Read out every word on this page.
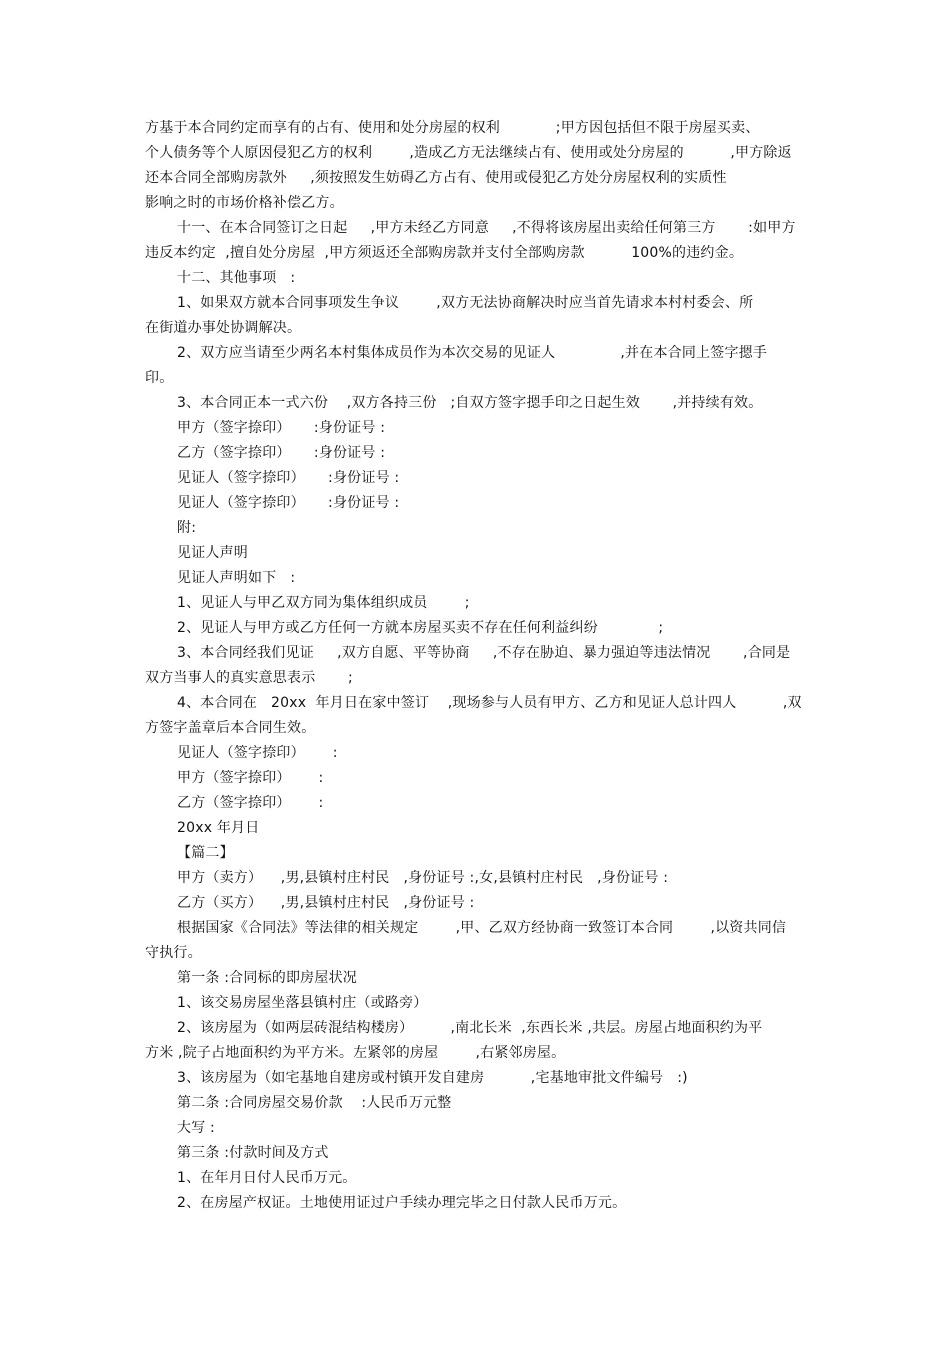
方基于本合同约定而享有的占有、使用和处分房屋的权利            ;甲方因包括但不限于房屋买卖、
个人债务等个人原因侵犯乙方的权利        ,造成乙方无法继续占有、使用或处分房屋的          ,甲方除返
还本合同全部购房款外     ,须按照发生妨碍乙方占有、使用或侵犯乙方处分房屋权利的实质性
影响之时的市场价格补偿乙方。
十一、在本合同签订之日起     ,甲方未经乙方同意     ,不得将该房屋出卖给任何第三方       :如甲方
违反本约定  ,擅自处分房屋  ,甲方须返还全部购房款并支付全部购房款          100%的违约金。
十二、其他事项   :
1、如果双方就本合同事项发生争议        ,双方无法协商解决时应当首先请求本村村委会、所
在街道办事处协调解决。
2、双方应当请至少两名本村集体成员作为本次交易的见证人              ,并在本合同上签字摁手
印。
3、本合同正本一式六份    ,双方各持三份   ;自双方签字摁手印之日起生效       ,并持续有效。
甲方（签字捺印）     :身份证号 :
乙方（签字捺印）     :身份证号 :
见证人（签字捺印）     :身份证号 :
见证人（签字捺印）     :身份证号 :
附:
见证人声明
见证人声明如下   :
1、见证人与甲乙双方同为集体组织成员        ;
2、见证人与甲方或乙方任何一方就本房屋买卖不存在任何利益纠纷             ;
3、本合同经我们见证     ,双方自愿、平等协商     ,不存在胁迫、暴力强迫等违法情况       ,合同是
双方当事人的真实意思表示       ;
4、本合同在   20xx  年月日在家中签订    ,现场参与人员有甲方、乙方和见证人总计四人          ,双
方签字盖章后本合同生效。
见证人（签字捺印）      :
甲方（签字捺印）      :
乙方（签字捺印）      :
20xx 年月日
【篇二】
甲方（卖方）    ,男,县镇村庄村民   ,身份证号 :,女,县镇村庄村民   ,身份证号 :
乙方（买方）    ,男,县镇村庄村民   ,身份证号 :
根据国家《合同法》等法律的相关规定        ,甲、乙双方经协商一致签订本合同        ,以资共同信
守执行。
第一条 :合同标的即房屋状况
1、该交易房屋坐落县镇村庄（或路旁）
2、该房屋为（如两层砖混结构楼房）        ,南北长米  ,东西长米 ,共层。房屋占地面积约为平
方米 ,院子占地面积约为平方米。左紧邻的房屋        ,右紧邻房屋。
3、该房屋为（如宅基地自建房或村镇开发自建房          ,宅基地审批文件编号   :)
第二条 :合同房屋交易价款    :人民币万元整
大写 :
第三条 :付款时间及方式
1、在年月日付人民币万元。
2、在房屋产权证。土地使用证过户手续办理完毕之日付款人民币万元。
